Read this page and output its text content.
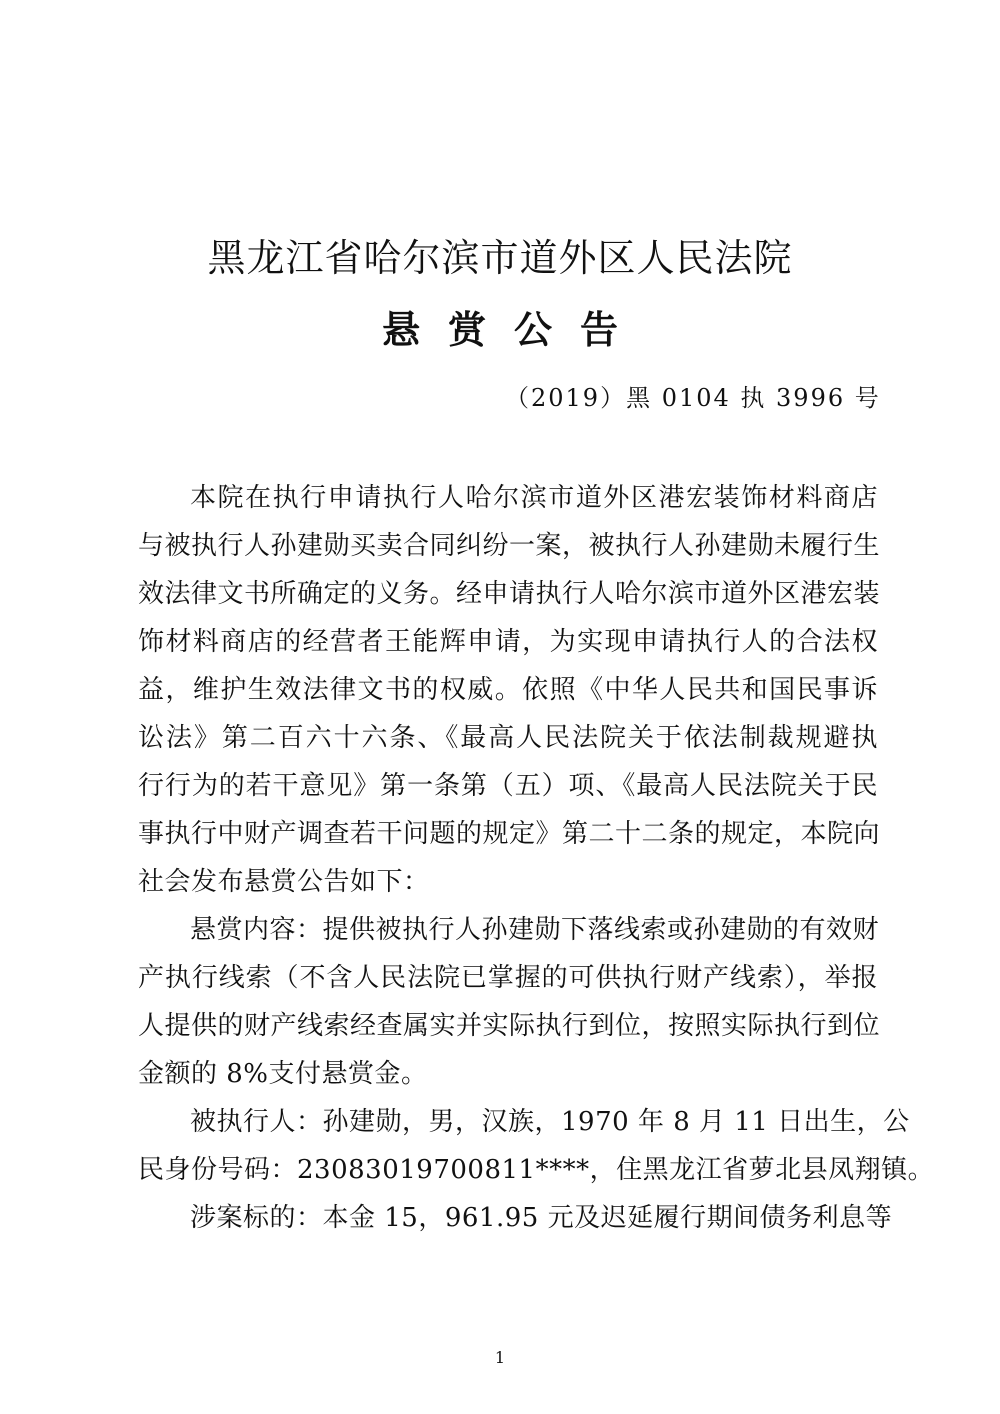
黑龙江省哈尔滨市道外区人民法院
悬赏公告
（2019）黑 0104 执 3996 号
本院在执行申请执行人哈尔滨市道外区港宏装饰材料商店
与被执行人孙建勋买卖合同纠纷一案，被执行人孙建勋未履行生
效法律文书所确定的义务。经申请执行人哈尔滨市道外区港宏装
饰材料商店的经营者王能辉申请，为实现申请执行人的合法权
益，维护生效法律文书的权威。依照《中华人民共和国民事诉
讼法》第二百六十六条、《最高人民法院关于依法制裁规避执
行行为的若干意见》第一条第（五）项、《最高人民法院关于民
事执行中财产调查若干问题的规定》第二十二条的规定，本院向
社会发布悬赏公告如下：
悬赏内容：提供被执行人孙建勋下落线索或孙建勋的有效财
产执行线索（不含人民法院已掌握的可供执行财产线索），举报
人提供的财产线索经查属实并实际执行到位，按照实际执行到位
金额的 8%支付悬赏金。
被执行人：孙建勋，男，汉族，1970 年 8 月 11 日出生，公
民身份号码：23083019700811****，住黑龙江省萝北县凤翔镇。
涉案标的：本金 15，961.95 元及迟延履行期间债务利息等
1
